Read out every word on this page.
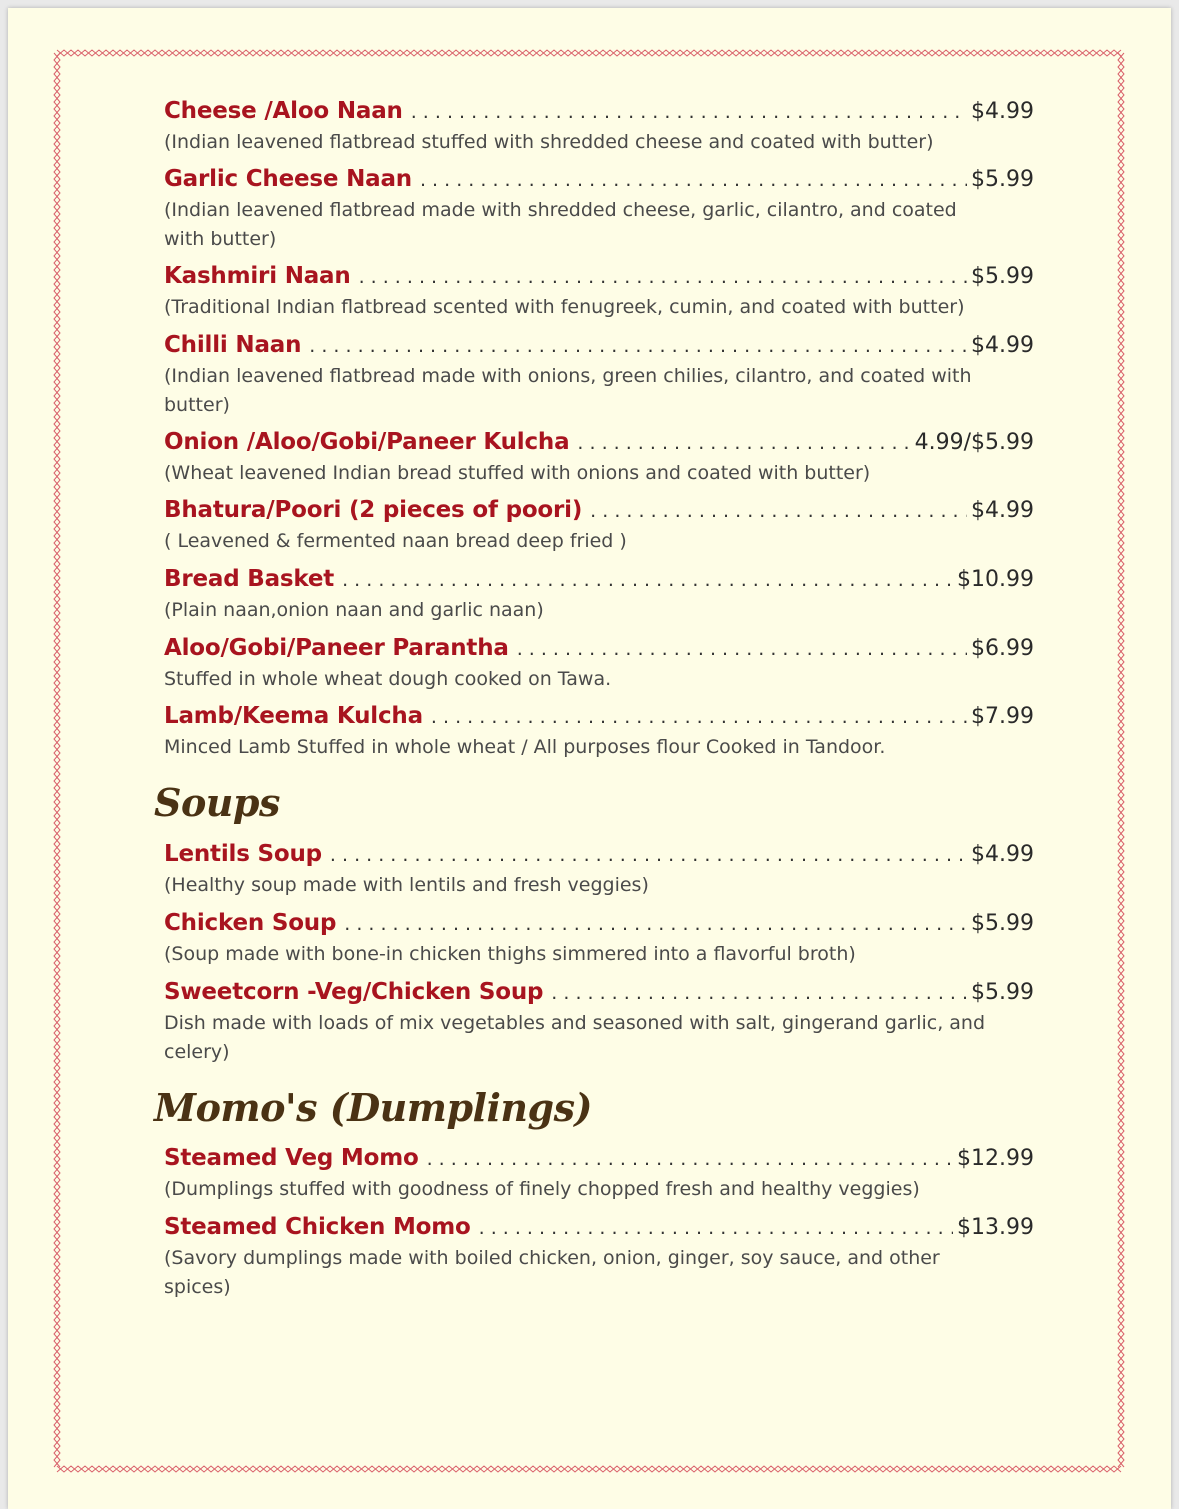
Cheese /Aloo Naan . . .	$4.99
(Indian leavened flatbread stuffed with shredded cheese and coated with butter)
Garlic Cheese Naan . . .	$5.99
(Indian leavened flatbread made with shredded cheese, garlic, cilantro, and coated with butter)
Kashmiri Naan . . .	$5.99
(Traditional Indian flatbread scented with fenugreek, cumin, and coated with butter)
Chilli Naan . . .	$4.99
(Indian leavened flatbread made with onions, green chilies, cilantro, and coated with butter)
Onion /Aloo/Gobi/Paneer Kulcha . . .	4.99/$5.99
(Wheat leavened Indian bread stuffed with onions and coated with butter)
Bhatura/Poori (2 pieces of poori) . . .	$4.99
( Leavened & fermented naan bread deep fried )
Bread Basket . . .	$10.99
(Plain naan,onion naan and garlic naan)
Aloo/Gobi/Paneer Parantha . . .	$6.99
Stuffed in whole wheat dough cooked on Tawa.
Lamb/Keema Kulcha . . .	$7.99
Minced Lamb Stuffed in whole wheat / All purposes flour Cooked in Tandoor.
Soups
Lentils Soup . . .	$4.99
(Healthy soup made with lentils and fresh veggies)
Chicken Soup . . .	$5.99
(Soup made with bone-in chicken thighs simmered into a flavorful broth)
Sweetcorn -Veg/Chicken Soup . . .	$5.99
Dish made with loads of mix vegetables and seasoned with salt, gingerand garlic, and celery)
Momo's (Dumplings)
Steamed Veg Momo . . .	$12.99
(Dumplings stuffed with goodness of finely chopped fresh and healthy veggies)
Steamed Chicken Momo . . .	$13.99
(Savory dumplings made with boiled chicken, onion, ginger, soy sauce, and other spices)
